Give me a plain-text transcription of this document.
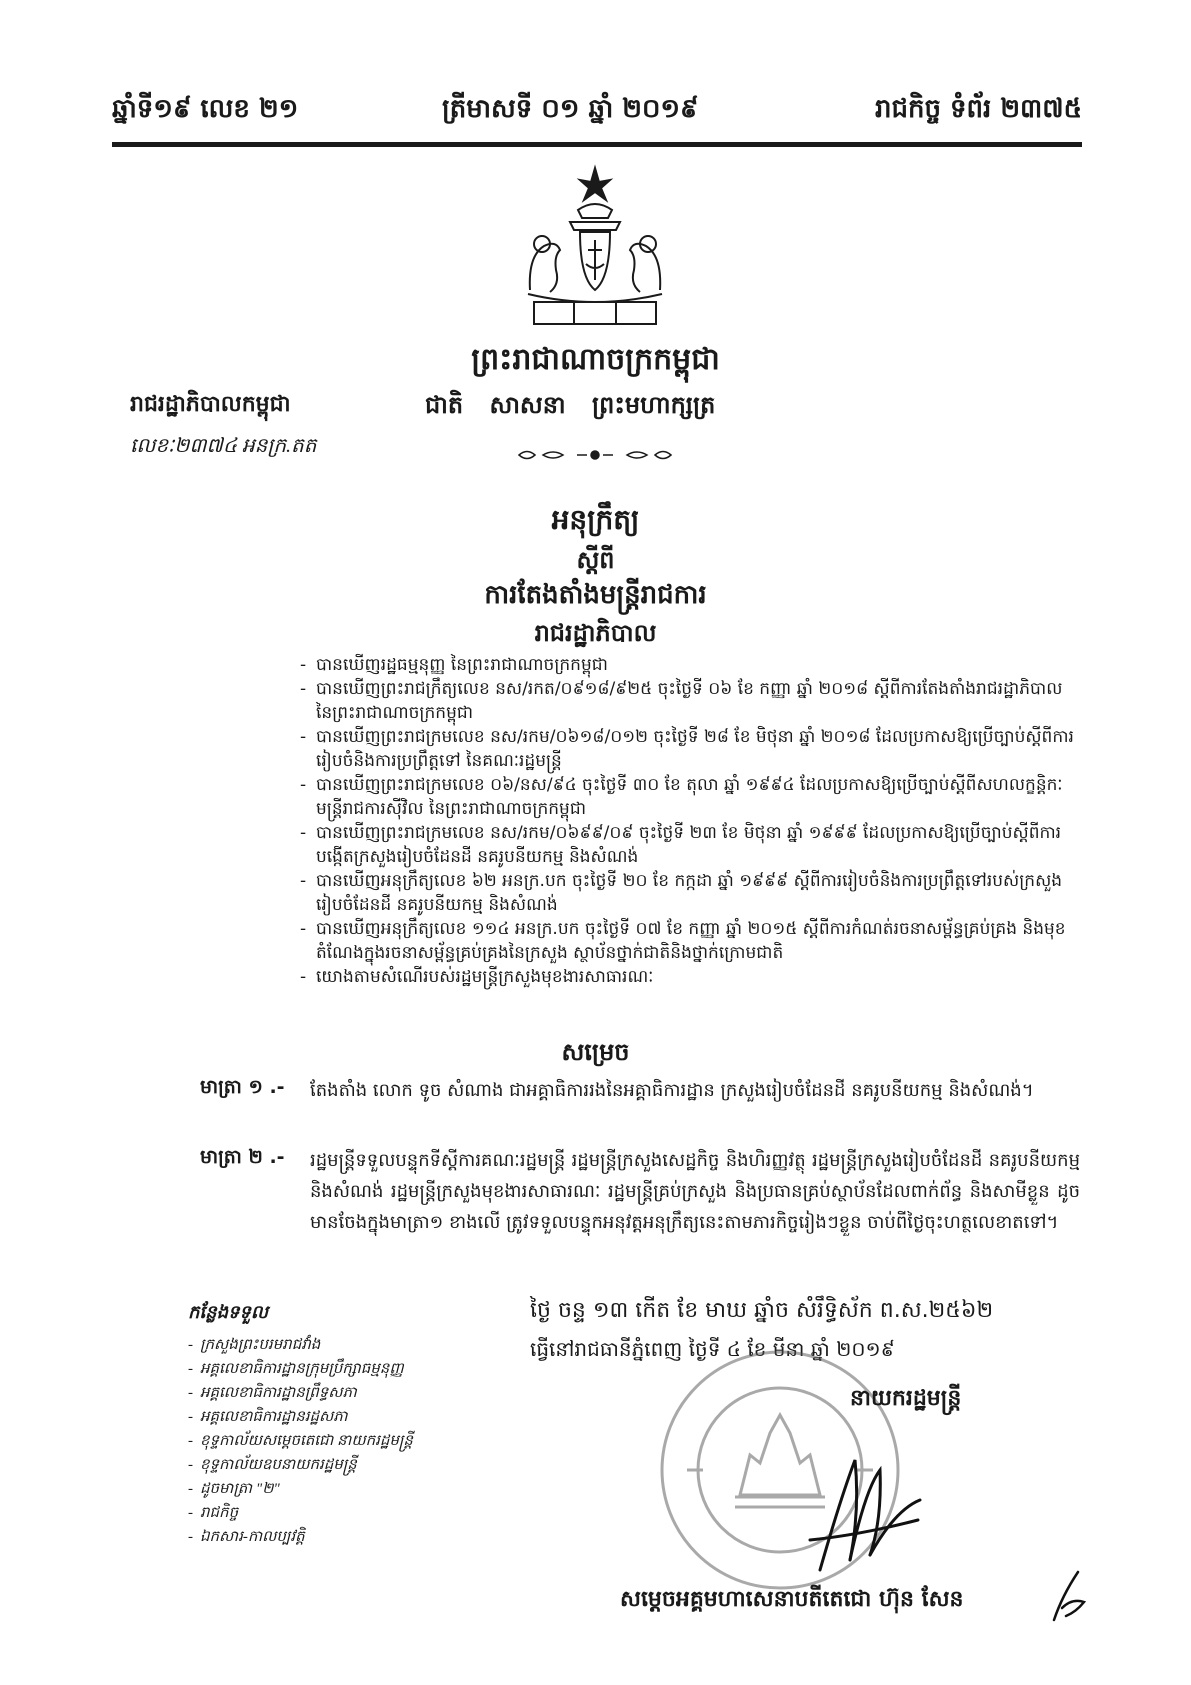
ឆ្នាំទី១៩ លេខ ២១	ត្រីមាសទី ០១ ឆ្នាំ ២០១៩	រាជកិច្ច ទំព័រ ២៣៧៥
ព្រះរាជាណាចក្រកម្ពុជា
រាជរដ្ឋាភិបាលកម្ពុជា	ជាតិ សាសនា ព្រះមហាក្សត្រ
លេខៈ២៣៧៤ អនក្រ.តត
អនុក្រឹត្យ
ស្ដីពី
ការតែងតាំងមន្ត្រីរាជការ
រាជរដ្ឋាភិបាល
- បានឃើញរដ្ឋធម្មនុញ្ញ នៃព្រះរាជាណាចក្រកម្ពុជា
- បានឃើញព្រះរាជក្រឹត្យលេខ នស/រកត/០៩១៨/៩២៥ ចុះថ្ងៃទី ០៦ ខែ កញ្ញា ឆ្នាំ ២០១៨ ស្ដីពីការតែងតាំងរាជរដ្ឋាភិបាល នៃព្រះរាជាណាចក្រកម្ពុជា
- បានឃើញព្រះរាជក្រមលេខ នស/រកម/០៦១៨/០១២ ចុះថ្ងៃទី ២៨ ខែ មិថុនា ឆ្នាំ ២០១៨ ដែលប្រកាសឱ្យប្រើច្បាប់ស្ដីពីការរៀបចំនិងការប្រព្រឹត្តទៅ នៃគណៈរដ្ឋមន្ត្រី
- បានឃើញព្រះរាជក្រមលេខ ០៦/នស/៩៤ ចុះថ្ងៃទី ៣០ ខែ តុលា ឆ្នាំ ១៩៩៤ ដែលប្រកាសឱ្យប្រើច្បាប់ស្ដីពីសហលក្ខន្តិកៈមន្ត្រីរាជការស៊ីវិល នៃព្រះរាជាណាចក្រកម្ពុជា
- បានឃើញព្រះរាជក្រមលេខ នស/រកម/០៦៩៩/០៩ ចុះថ្ងៃទី ២៣ ខែ មិថុនា ឆ្នាំ ១៩៩៩ ដែលប្រកាសឱ្យប្រើច្បាប់ស្ដីពីការបង្កើតក្រសួងរៀបចំដែនដី នគរូបនីយកម្ម និងសំណង់
- បានឃើញអនុក្រឹត្យលេខ ៦២ អនក្រ.បក ចុះថ្ងៃទី ២០ ខែ កក្កដា ឆ្នាំ ១៩៩៩ ស្ដីពីការរៀបចំនិងការប្រព្រឹត្តទៅរបស់ក្រសួងរៀបចំដែនដី នគរូបនីយកម្ម និងសំណង់
- បានឃើញអនុក្រឹត្យលេខ ១១៤ អនក្រ.បក ចុះថ្ងៃទី ០៧ ខែ កញ្ញា ឆ្នាំ ២០១៥ ស្ដីពីការកំណត់រចនាសម្ព័ន្ធគ្រប់គ្រង និងមុខតំណែងក្នុងរចនាសម្ព័ន្ធគ្រប់គ្រងនៃក្រសួង ស្ថាប័នថ្នាក់ជាតិនិងថ្នាក់ក្រោមជាតិ
- យោងតាមសំណើរបស់រដ្ឋមន្ត្រីក្រសួងមុខងារសាធារណៈ
សម្រេច
មាត្រា ១ .- តែងតាំង លោក ទូច សំណាង ជាអគ្គាធិការរងនៃអគ្គាធិការដ្ឋាន ក្រសួងរៀបចំដែនដី នគរូបនីយកម្ម និងសំណង់។

មាត្រា ២ .- រដ្ឋមន្ត្រីទទួលបន្ទុកទីស្ដីការគណៈរដ្ឋមន្ត្រី រដ្ឋមន្ត្រីក្រសួងសេដ្ឋកិច្ច និងហិរញ្ញវត្ថុ រដ្ឋមន្ត្រីក្រសួងរៀបចំដែនដី នគរូបនីយកម្ម និងសំណង់ រដ្ឋមន្ត្រីក្រសួងមុខងារសាធារណៈ រដ្ឋមន្ត្រីគ្រប់ក្រសួង និងប្រធានគ្រប់ស្ថាប័នដែលពាក់ព័ន្ធ និងសាមីខ្លួន ដូចមានចែងក្នុងមាត្រា១ ខាងលើ ត្រូវទទួលបន្ទុកអនុវត្តអនុក្រឹត្យនេះតាមភារកិច្ចរៀងៗខ្លួន ចាប់ពីថ្ងៃចុះហត្ថលេខាតទៅ។

កន្លែងទទួល
- ក្រសួងព្រះបរមរាជវាំង
- អគ្គលេខាធិការដ្ឋានក្រុមប្រឹក្សាធម្មនុញ្ញ
- អគ្គលេខាធិការដ្ឋានព្រឹទ្ធសភា
- អគ្គលេខាធិការដ្ឋានរដ្ឋសភា
- ខុទ្ទកាល័យសម្ដេចតេជោ នាយករដ្ឋមន្ត្រី
- ខុទ្ទកាល័យឧបនាយករដ្ឋមន្ត្រី
- ដូចមាត្រា "២"
- រាជកិច្ច
- ឯកសារ-កាលប្បវត្តិ
ថ្ងៃ ចន្ទ ១៣ កើត ខែ មាឃ ឆ្នាំច សំរឹទ្ធិស័ក ព.ស.២៥៦២
ធ្វើនៅរាជធានីភ្នំពេញ ថ្ងៃទី ៤ ខែ មីនា ឆ្នាំ ២០១៩
នាយករដ្ឋមន្ត្រី
សម្ដេចអគ្គមហាសេនាបតីតេជោ ហ៊ុន សែន
